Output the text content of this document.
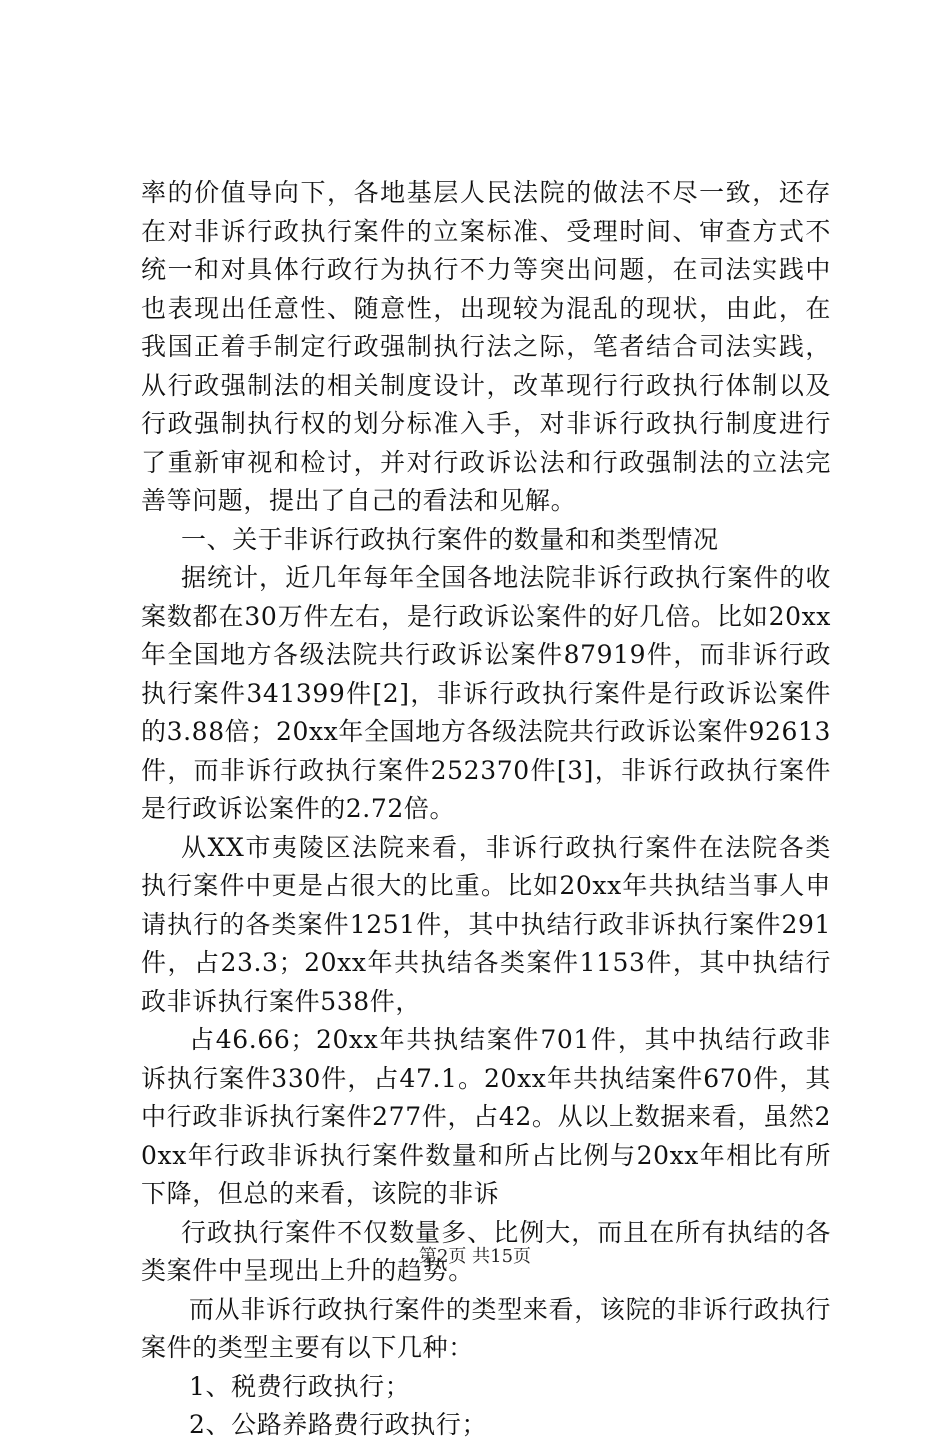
率的价值导向下，各地基层人民法院的做法不尽一致，还存在对非诉行政执行案件的立案标准、受理时间、审查方式不统一和对具体行政行为执行不力等突出问题，在司法实践中也表现出任意性、随意性，出现较为混乱的现状，由此，在我国正着手制定行政强制执行法之际，笔者结合司法实践，从行政强制法的相关制度设计，改革现行行政执行体制以及行政强制执行权的划分标准入手，对非诉行政执行制度进行了重新审视和检讨，并对行政诉讼法和行政强制法的立法完善等问题，提出了自己的看法和见解。

一、关于非诉行政执行案件的数量和和类型情况

据统计，近几年每年全国各地法院非诉行政执行案件的收案数都在30万件左右，是行政诉讼案件的好几倍。比如20xx年全国地方各级法院共行政诉讼案件87919件，而非诉行政执行案件341399件[2]，非诉行政执行案件是行政诉讼案件的3.88倍；20xx年全国地方各级法院共行政诉讼案件92613件，而非诉行政执行案件252370件[3]，非诉行政执行案件是行政诉讼案件的2.72倍。

从XX市夷陵区法院来看，非诉行政执行案件在法院各类执行案件中更是占很大的比重。比如20xx年共执结当事人申请执行的各类案件1251件，其中执结行政非诉执行案件291件，占23.3；20xx年共执结各类案件1153件，其中执结行政非诉执行案件538件，

占46.66；20xx年共执结案件701件，其中执结行政非诉执行案件330件，占47.1。20xx年共执结案件670件，其中行政非诉执行案件277件，占42。从以上数据来看，虽然20xx年行政非诉执行案件数量和所占比例与20xx年相比有所下降，但总的来看，该院的非诉

行政执行案件不仅数量多、比例大，而且在所有执结的各类案件中呈现出上升的趋势。

而从非诉行政执行案件的类型来看，该院的非诉行政执行案件的类型主要有以下几种：

1、税费行政执行；

2、公路养路费行政执行；

第2页 共15页
